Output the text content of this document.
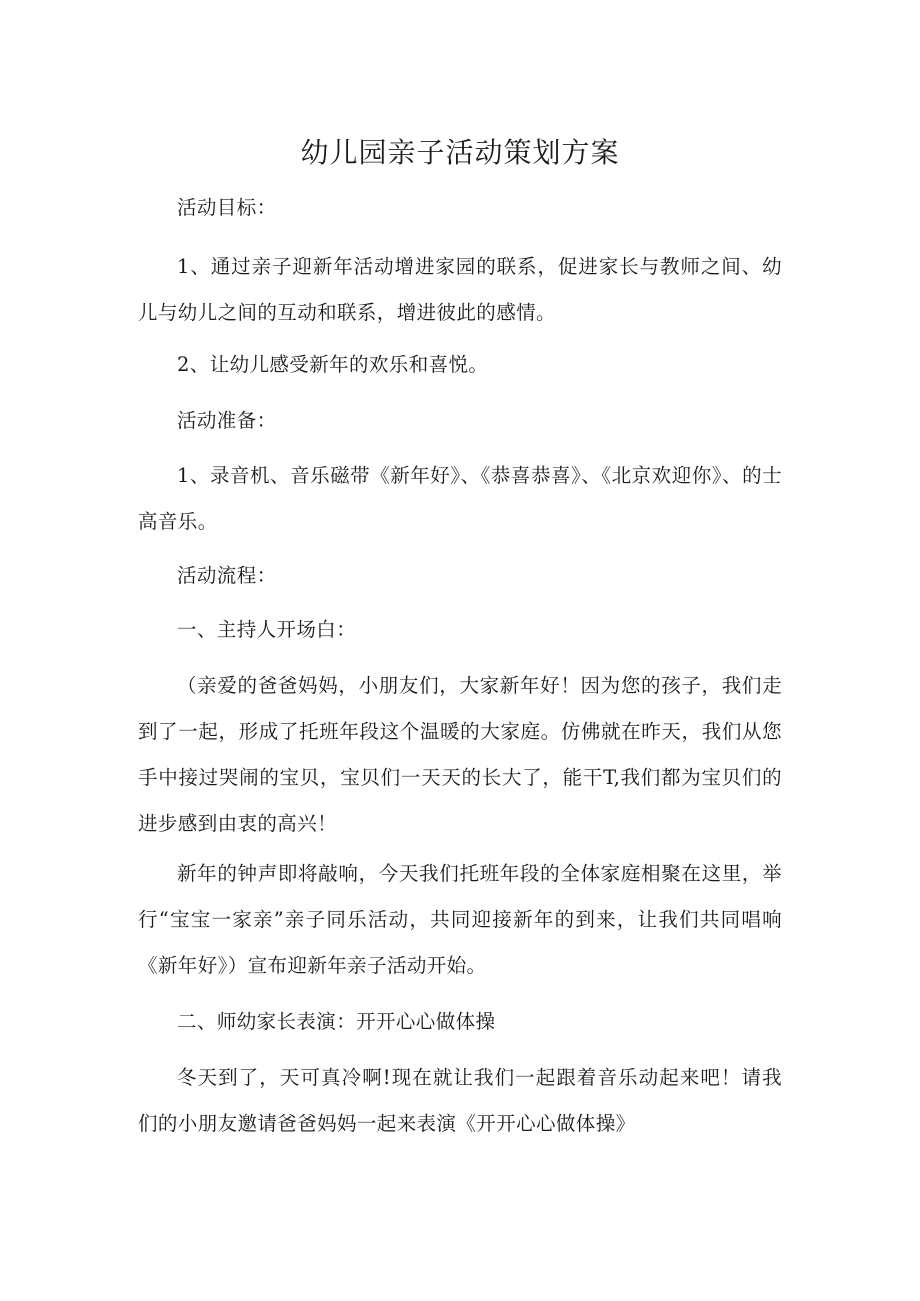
幼儿园亲子活动策划方案

活动目标：

1、通过亲子迎新年活动增进家园的联系，促进家长与教师之间、幼儿与幼儿之间的互动和联系，增进彼此的感情。

2、让幼儿感受新年的欢乐和喜悦。

活动准备：

1、录音机、音乐磁带《新年好》、《恭喜恭喜》、《北京欢迎你》、的士高音乐。

活动流程：

一、主持人开场白：

（亲爱的爸爸妈妈，小朋友们，大家新年好！因为您的孩子，我们走到了一起，形成了托班年段这个温暖的大家庭。仿佛就在昨天，我们从您手中接过哭闹的宝贝，宝贝们一天天的长大了，能干T,我们都为宝贝们的进步感到由衷的高兴！

新年的钟声即将敲响，今天我们托班年段的全体家庭相聚在这里，举行“宝宝一家亲”亲子同乐活动，共同迎接新年的到来，让我们共同唱响《新年好》）宣布迎新年亲子活动开始。

二、师幼家长表演：开开心心做体操

冬天到了，天可真冷啊!现在就让我们一起跟着音乐动起来吧！请我们的小朋友邀请爸爸妈妈一起来表演《开开心心做体操》
